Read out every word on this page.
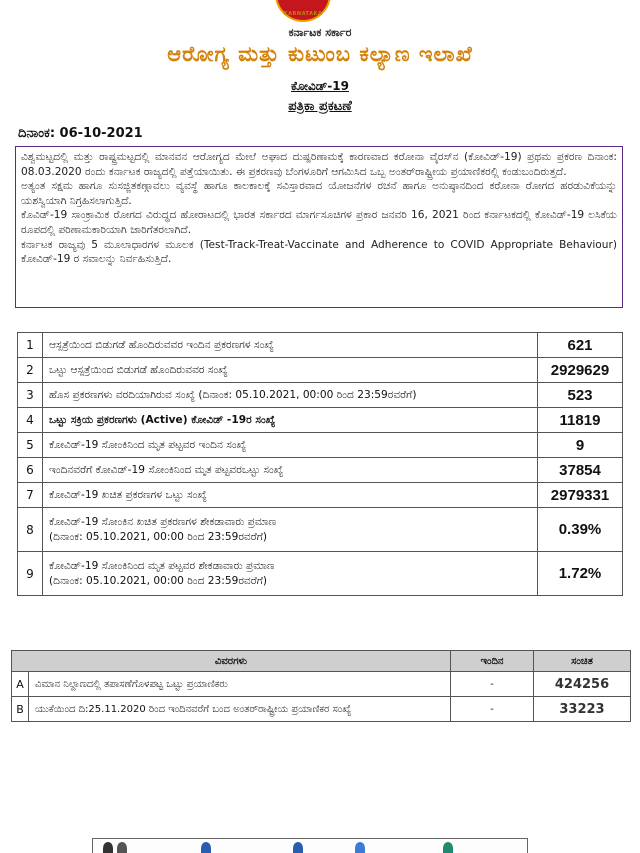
KARNATAKA
ಕರ್ನಾಟಕ ಸರ್ಕಾರ
ಆರೋಗ್ಯ ಮತ್ತು ಕುಟುಂಬ ಕಲ್ಯಾಣ ಇಲಾಖೆ
ಕೋವಿಡ್-19
ಪತ್ರಿಕಾ ಪ್ರಕಟಣೆ
ದಿನಾಂಕ: 06-10-2021

ವಿಶ್ವಮಟ್ಟದಲ್ಲಿ ಮತ್ತು ರಾಷ್ಟ್ರಮಟ್ಟದಲ್ಲಿ ಮಾನವನ ಆರೋಗ್ಯದ ಮೇಲೆ ಅಘಾದ ದುಷ್ಪರಿಣಾಮಕ್ಕೆ ಕಾರಣವಾದ ಕರೋನಾ ವೈರಸ್‌ನ (ಕೋವಿಡ್-19) ಪ್ರಥಮ ಪ್ರಕರಣ ದಿನಾಂಕ: 08.03.2020 ರಂದು ಕರ್ನಾಟಕ ರಾಜ್ಯದಲ್ಲಿ ಪತ್ತೆಯಾಯಿತು. ಈ ಪ್ರಕರಣವು ಬೆಂಗಳೂರಿಗೆ ಆಗಮಿಸಿದ ಒಬ್ಬ ಅಂತರ್‌ರಾಷ್ಟ್ರೀಯ ಪ್ರಯಾಣಿಕರಲ್ಲಿ ಕಂಡುಬಂದಿರುತ್ತದೆ.

ಅತ್ಯಂತ ಸಕ್ಷಮ ಹಾಗೂ ಸುಸಜ್ಜಿತಕಣ್ಗಾವಲು ವ್ಯವಸ್ಥೆ ಹಾಗೂ ಕಾಲಕಾಲಕ್ಕೆ ಸವಿಸ್ತಾರವಾದ ಯೋಜನೆಗಳ ರಚನೆ ಹಾಗೂ ಅನುಷ್ಠಾನದಿಂದ ಕರೋನಾ ರೋಗದ ಹರಡುವಿಕೆಯನ್ನು ಯಶಸ್ವಿಯಾಗಿ ನಿಗ್ರಹಿಸಲಾಗುತ್ತಿದೆ.

ಕೊವಿಡ್-19 ಸಾಂಕ್ರಾಮಿಕ ರೋಗದ ವಿರುದ್ಧದ ಹೋರಾಟದಲ್ಲಿ ಭಾರತ ಸರ್ಕಾರದ ಮಾರ್ಗಸೂಚಿಗಳ ಪ್ರಕಾರ ಜನವರಿ 16, 2021 ರಿಂದ ಕರ್ನಾಟಕದಲ್ಲಿ ಕೋವಿಡ್-19 ಲಸಿಕೆಯ ರೂಪದಲ್ಲಿ ಪರಿಣಾಮಕಾರಿಯಾಗಿ ಜಾರಿಗೆತರಲಾಗಿದೆ.

ಕರ್ನಾಟಕ ರಾಜ್ಯವು 5 ಮೂಲಾಧಾರಗಳ ಮೂಲಕ (Test-Track-Treat-Vaccinate and Adherence to COVID Appropriate Behaviour) ಕೋವಿಡ್-19 ರ ಸವಾಲನ್ನು ನಿರ್ವಹಿಸುತ್ತಿದೆ.

1	ಆಸ್ಪತ್ರೆಯಿಂದ ಬಿಡುಗಡೆ ಹೊಂದಿರುವವರ ಇಂದಿನ ಪ್ರಕರಣಗಳ ಸಂಖ್ಯೆ	621
2	ಒಟ್ಟು ಆಸ್ಪತ್ರೆಯಿಂದ ಬಿಡುಗಡೆ ಹೊಂದಿರುವವರ ಸಂಖ್ಯೆ	2929629
3	ಹೊಸ ಪ್ರಕರಣಗಳು ವರದಿಯಾಗಿರುವ ಸಂಖ್ಯೆ (ದಿನಾಂಕ: 05.10.2021, 00:00 ರಿಂದ 23:59ರವರೆಗೆ)	523
4	ಒಟ್ಟು ಸಕ್ರಿಯ ಪ್ರಕರಣಗಳು (Active) ಕೋವಿಡ್ -19ರ ಸಂಖ್ಯೆ	11819
5	ಕೋವಿಡ್-19 ಸೋಂಕಿನಿಂದ ಮೃತ ಪಟ್ಟವರ ಇಂದಿನ ಸಂಖ್ಯೆ	9
6	ಇಂದಿನವರೆಗೆ ಕೋವಿಡ್-19 ಸೋಂಕಿನಿಂದ ಮೃತ ಪಟ್ಟವರಒಟ್ಟು ಸಂಖ್ಯೆ	37854
7	ಕೋವಿಡ್-19 ಖಚಿತ ಪ್ರಕರಣಗಳ ಒಟ್ಟು ಸಂಖ್ಯೆ	2979331
8	ಕೋವಿಡ್-19 ಸೋಂಕಿನ ಖಚಿತ ಪ್ರಕರಣಗಳ ಶೇಕಡಾವಾರು ಪ್ರಮಾಣ
(ದಿನಾಂಕ: 05.10.2021, 00:00 ರಿಂದ 23:59ರವರೆಗೆ)	0.39%
9	ಕೋವಿಡ್-19 ಸೋಂಕಿನಿಂದ ಮೃತ ಪಟ್ಟವರ ಶೇಕಡಾವಾರು ಪ್ರಮಾಣ
(ದಿನಾಂಕ: 05.10.2021, 00:00 ರಿಂದ 23:59ರವರೆಗೆ)	1.72%
ವಿವರಗಳು		ಇಂದಿನ	ಸಂಚಿತ
A	ವಿಮಾನ ನಿಲ್ದಾಣದಲ್ಲಿ ತಪಾಸಣೆಗೊಳಪಟ್ಟ ಒಟ್ಟು ಪ್ರಯಾಣಿಕರು	-	424256
B	ಯುಕೆಯಿಂದ ದಿ:25.11.2020 ರಿಂದ ಇಂದಿನವರೆಗೆ ಬಂದ ಅಂತರ್‌ರಾಷ್ಟ್ರೀಯ ಪ್ರಯಾಣಿಕರ ಸಂಖ್ಯೆ	-	33223
